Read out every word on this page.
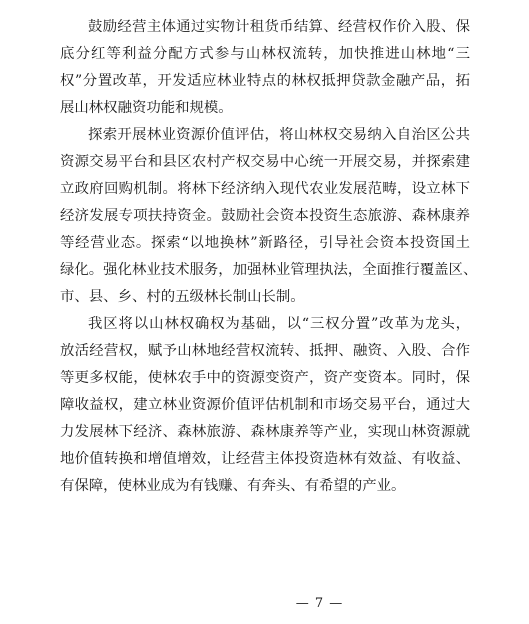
鼓励经营主体通过实物计租货币结算、经营权作价入股、保
底分红等利益分配方式参与山林权流转，加快推进山林地“三
权”分置改革，开发适应林业特点的林权抵押贷款金融产品，拓
展山林权融资功能和规模。
探索开展林业资源价值评估，将山林权交易纳入自治区公共
资源交易平台和县区农村产权交易中心统一开展交易，并探索建
立政府回购机制。将林下经济纳入现代农业发展范畴，设立林下
经济发展专项扶持资金。鼓励社会资本投资生态旅游、森林康养
等经营业态。探索“以地换林”新路径，引导社会资本投资国土
绿化。强化林业技术服务，加强林业管理执法，全面推行覆盖区、
市、县、乡、村的五级林长制山长制。
我区将以山林权确权为基础，以“三权分置”改革为龙头，
放活经营权，赋予山林地经营权流转、抵押、融资、入股、合作
等更多权能，使林农手中的资源变资产，资产变资本。同时，保
障收益权，建立林业资源价值评估机制和市场交易平台，通过大
力发展林下经济、森林旅游、森林康养等产业，实现山林资源就
地价值转换和增值增效，让经营主体投资造林有效益、有收益、
有保障，使林业成为有钱赚、有奔头、有希望的产业。
— 7 —
